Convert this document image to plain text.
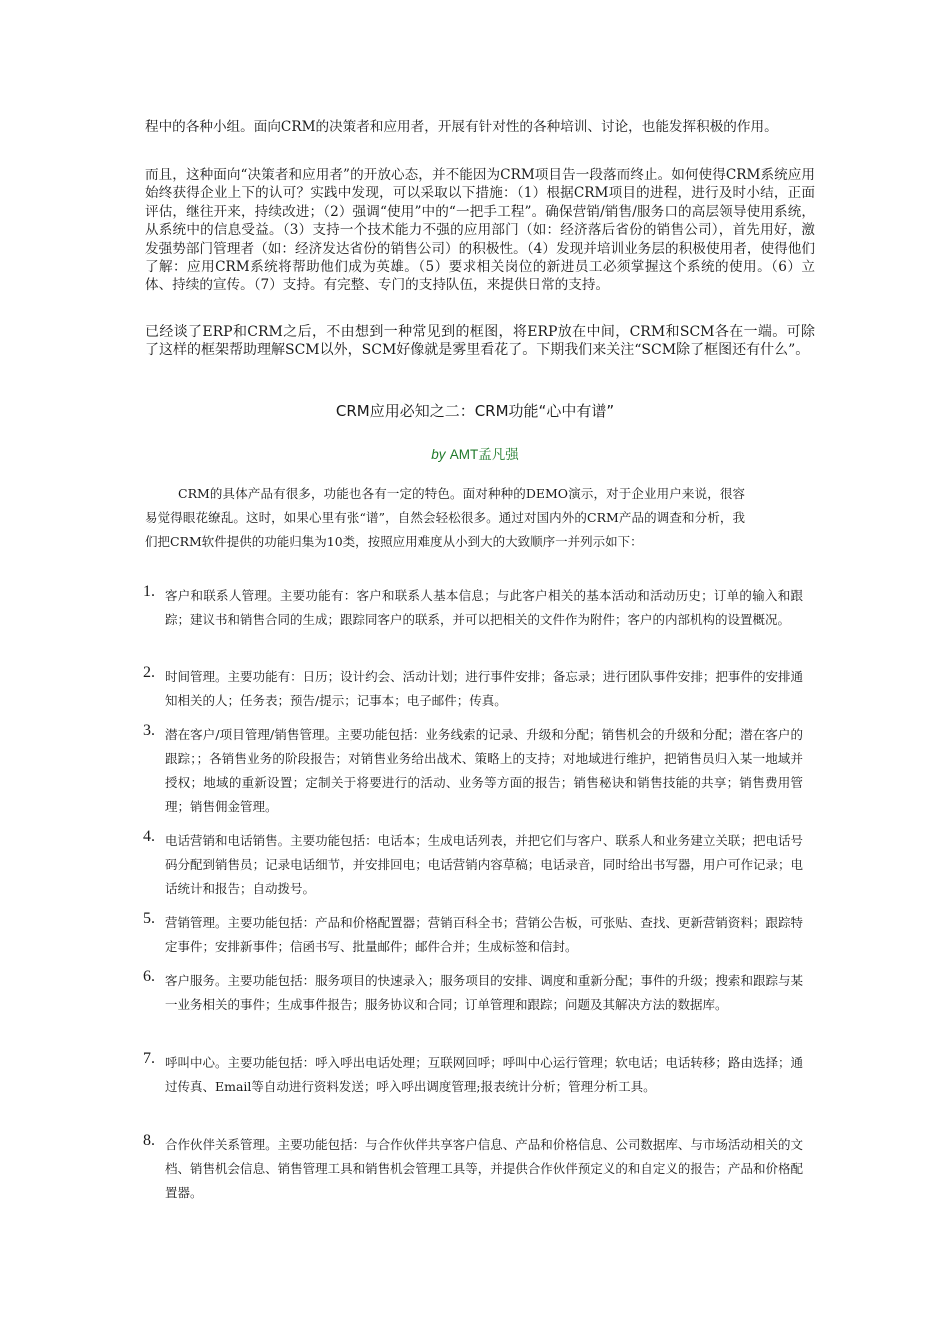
程中的各种小组。面向CRM的决策者和应用者，开展有针对性的各种培训、讨论，也能发挥积极的作用。
而且，这种面向“决策者和应用者”的开放心态，并不能因为CRM项目告一段落而终止。如何使得CRM系统应用始终获得企业上下的认可？实践中发现，可以采取以下措施：（1）根据CRM项目的进程，进行及时小结，正面评估，继往开来，持续改进；（2）强调“使用”中的“一把手工程”。确保营销/销售/服务口的高层领导使用系统，从系统中的信息受益。（3）支持一个技术能力不强的应用部门（如：经济落后省份的销售公司），首先用好，激发强势部门管理者（如：经济发达省份的销售公司）的积极性。（4）发现并培训业务层的积极使用者，使得他们了解：应用CRM系统将帮助他们成为英雄。（5）要求相关岗位的新进员工必须掌握这个系统的使用。（6）立体、持续的宣传。（7）支持。有完整、专门的支持队伍，来提供日常的支持。
已经谈了ERP和CRM之后，不由想到一种常见到的框图，将ERP放在中间，CRM和SCM各在一端。可除了这样的框架帮助理解SCM以外，SCM好像就是雾里看花了。下期我们来关注“SCM除了框图还有什么”。
CRM应用必知之二：CRM功能“心中有谱”
by AMT孟凡强
CRM的具体产品有很多，功能也各有一定的特色。面对种种的DEMO演示，对于企业用户来说，很容易觉得眼花缭乱。这时，如果心里有张“谱”，自然会轻松很多。通过对国内外的CRM产品的调查和分析，我们把CRM软件提供的功能归集为10类，按照应用难度从小到大的大致顺序一并列示如下：
1. 客户和联系人管理。主要功能有：客户和联系人基本信息；与此客户相关的基本活动和活动历史；订单的输入和跟踪；建议书和销售合同的生成；跟踪同客户的联系，并可以把相关的文件作为附件；客户的内部机构的设置概况。
2. 时间管理。主要功能有：日历；设计约会、活动计划；进行事件安排；备忘录；进行团队事件安排；把事件的安排通知相关的人；任务表；预告/提示；记事本；电子邮件；传真。
3. 潜在客户/项目管理/销售管理。主要功能包括：业务线索的记录、升级和分配；销售机会的升级和分配；潜在客户的跟踪；；各销售业务的阶段报告；对销售业务给出战术、策略上的支持；对地域进行维护，把销售员归入某一地域并授权；地域的重新设置；定制关于将要进行的活动、业务等方面的报告；销售秘诀和销售技能的共享；销售费用管理；销售佣金管理。
4. 电话营销和电话销售。主要功能包括：电话本；生成电话列表，并把它们与客户、联系人和业务建立关联；把电话号码分配到销售员；记录电话细节，并安排回电；电话营销内容草稿；电话录音，同时给出书写器，用户可作记录；电话统计和报告；自动拨号。
5. 营销管理。主要功能包括：产品和价格配置器；营销百科全书；营销公告板，可张贴、查找、更新营销资料；跟踪特定事件；安排新事件；信函书写、批量邮件；邮件合并；生成标签和信封。
6. 客户服务。主要功能包括：服务项目的快速录入；服务项目的安排、调度和重新分配；事件的升级；搜索和跟踪与某一业务相关的事件；生成事件报告；服务协议和合同；订单管理和跟踪；问题及其解决方法的数据库。
7. 呼叫中心。主要功能包括：呼入呼出电话处理；互联网回呼；呼叫中心运行管理；软电话；电话转移；路由选择；通过传真、Email等自动进行资料发送；呼入呼出调度管理;报表统计分析；管理分析工具。
8. 合作伙伴关系管理。主要功能包括：与合作伙伴共享客户信息、产品和价格信息、公司数据库、与市场活动相关的文档、销售机会信息、销售管理工具和销售机会管理工具等，并提供合作伙伴预定义的和自定义的报告；产品和价格配置器。
